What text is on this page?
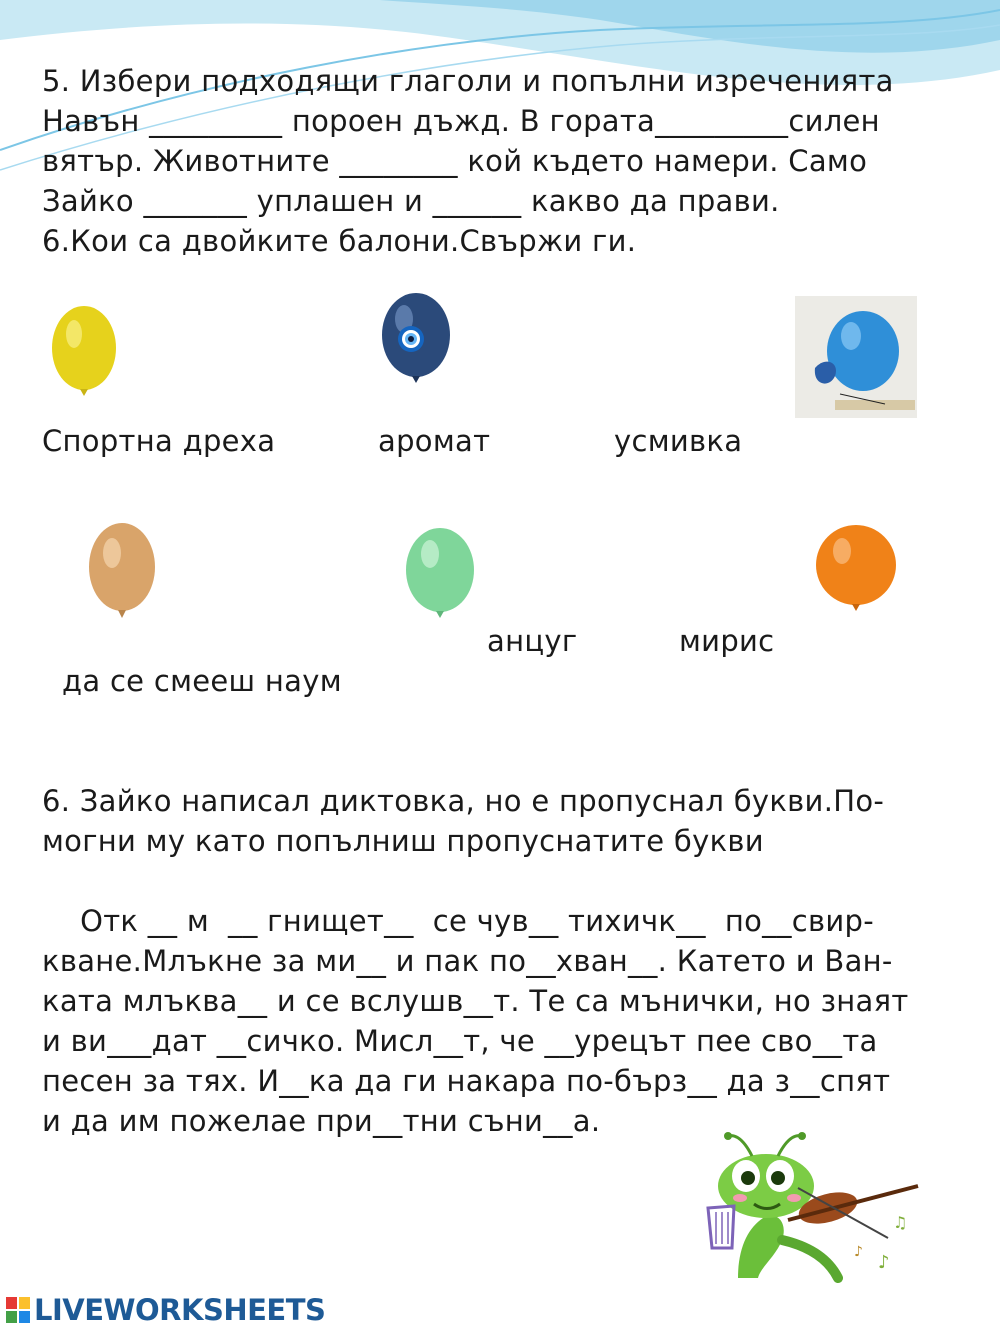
5. Избери подходящи глаголи и попълни изреченията
Навън _________ пороен дъжд. В гората_________силен
вятър. Животните ________ кой където намери. Само
Зайко _______ уплашен и ______ какво да прави.
6.Кои са двойките балони.Свържи ги.
Спортна дреха	аромат	усмивка
анцуг	мирис
да се смееш наум
6. Зайко написал диктовка, но е пропуснал букви.По-
могни му като попълниш пропуснатите букви
Отк __ м  __ гнищет__  се чув__ тихичк__  по__свир-
кване.Млъкне за ми__ и пак по__хван__. Катето и Ван-
ката млъква__ и се вслушв__т. Те са мънички, но знаят
и ви___дат __сичко. Мисл__т, че __урецът пее сво__та
песен за тях. И__ка да ги накара по-бърз__ да з__спят
и да им пожелае при__тни съни__а.
♪
♫
♪
LIVEWORKSHEETS
